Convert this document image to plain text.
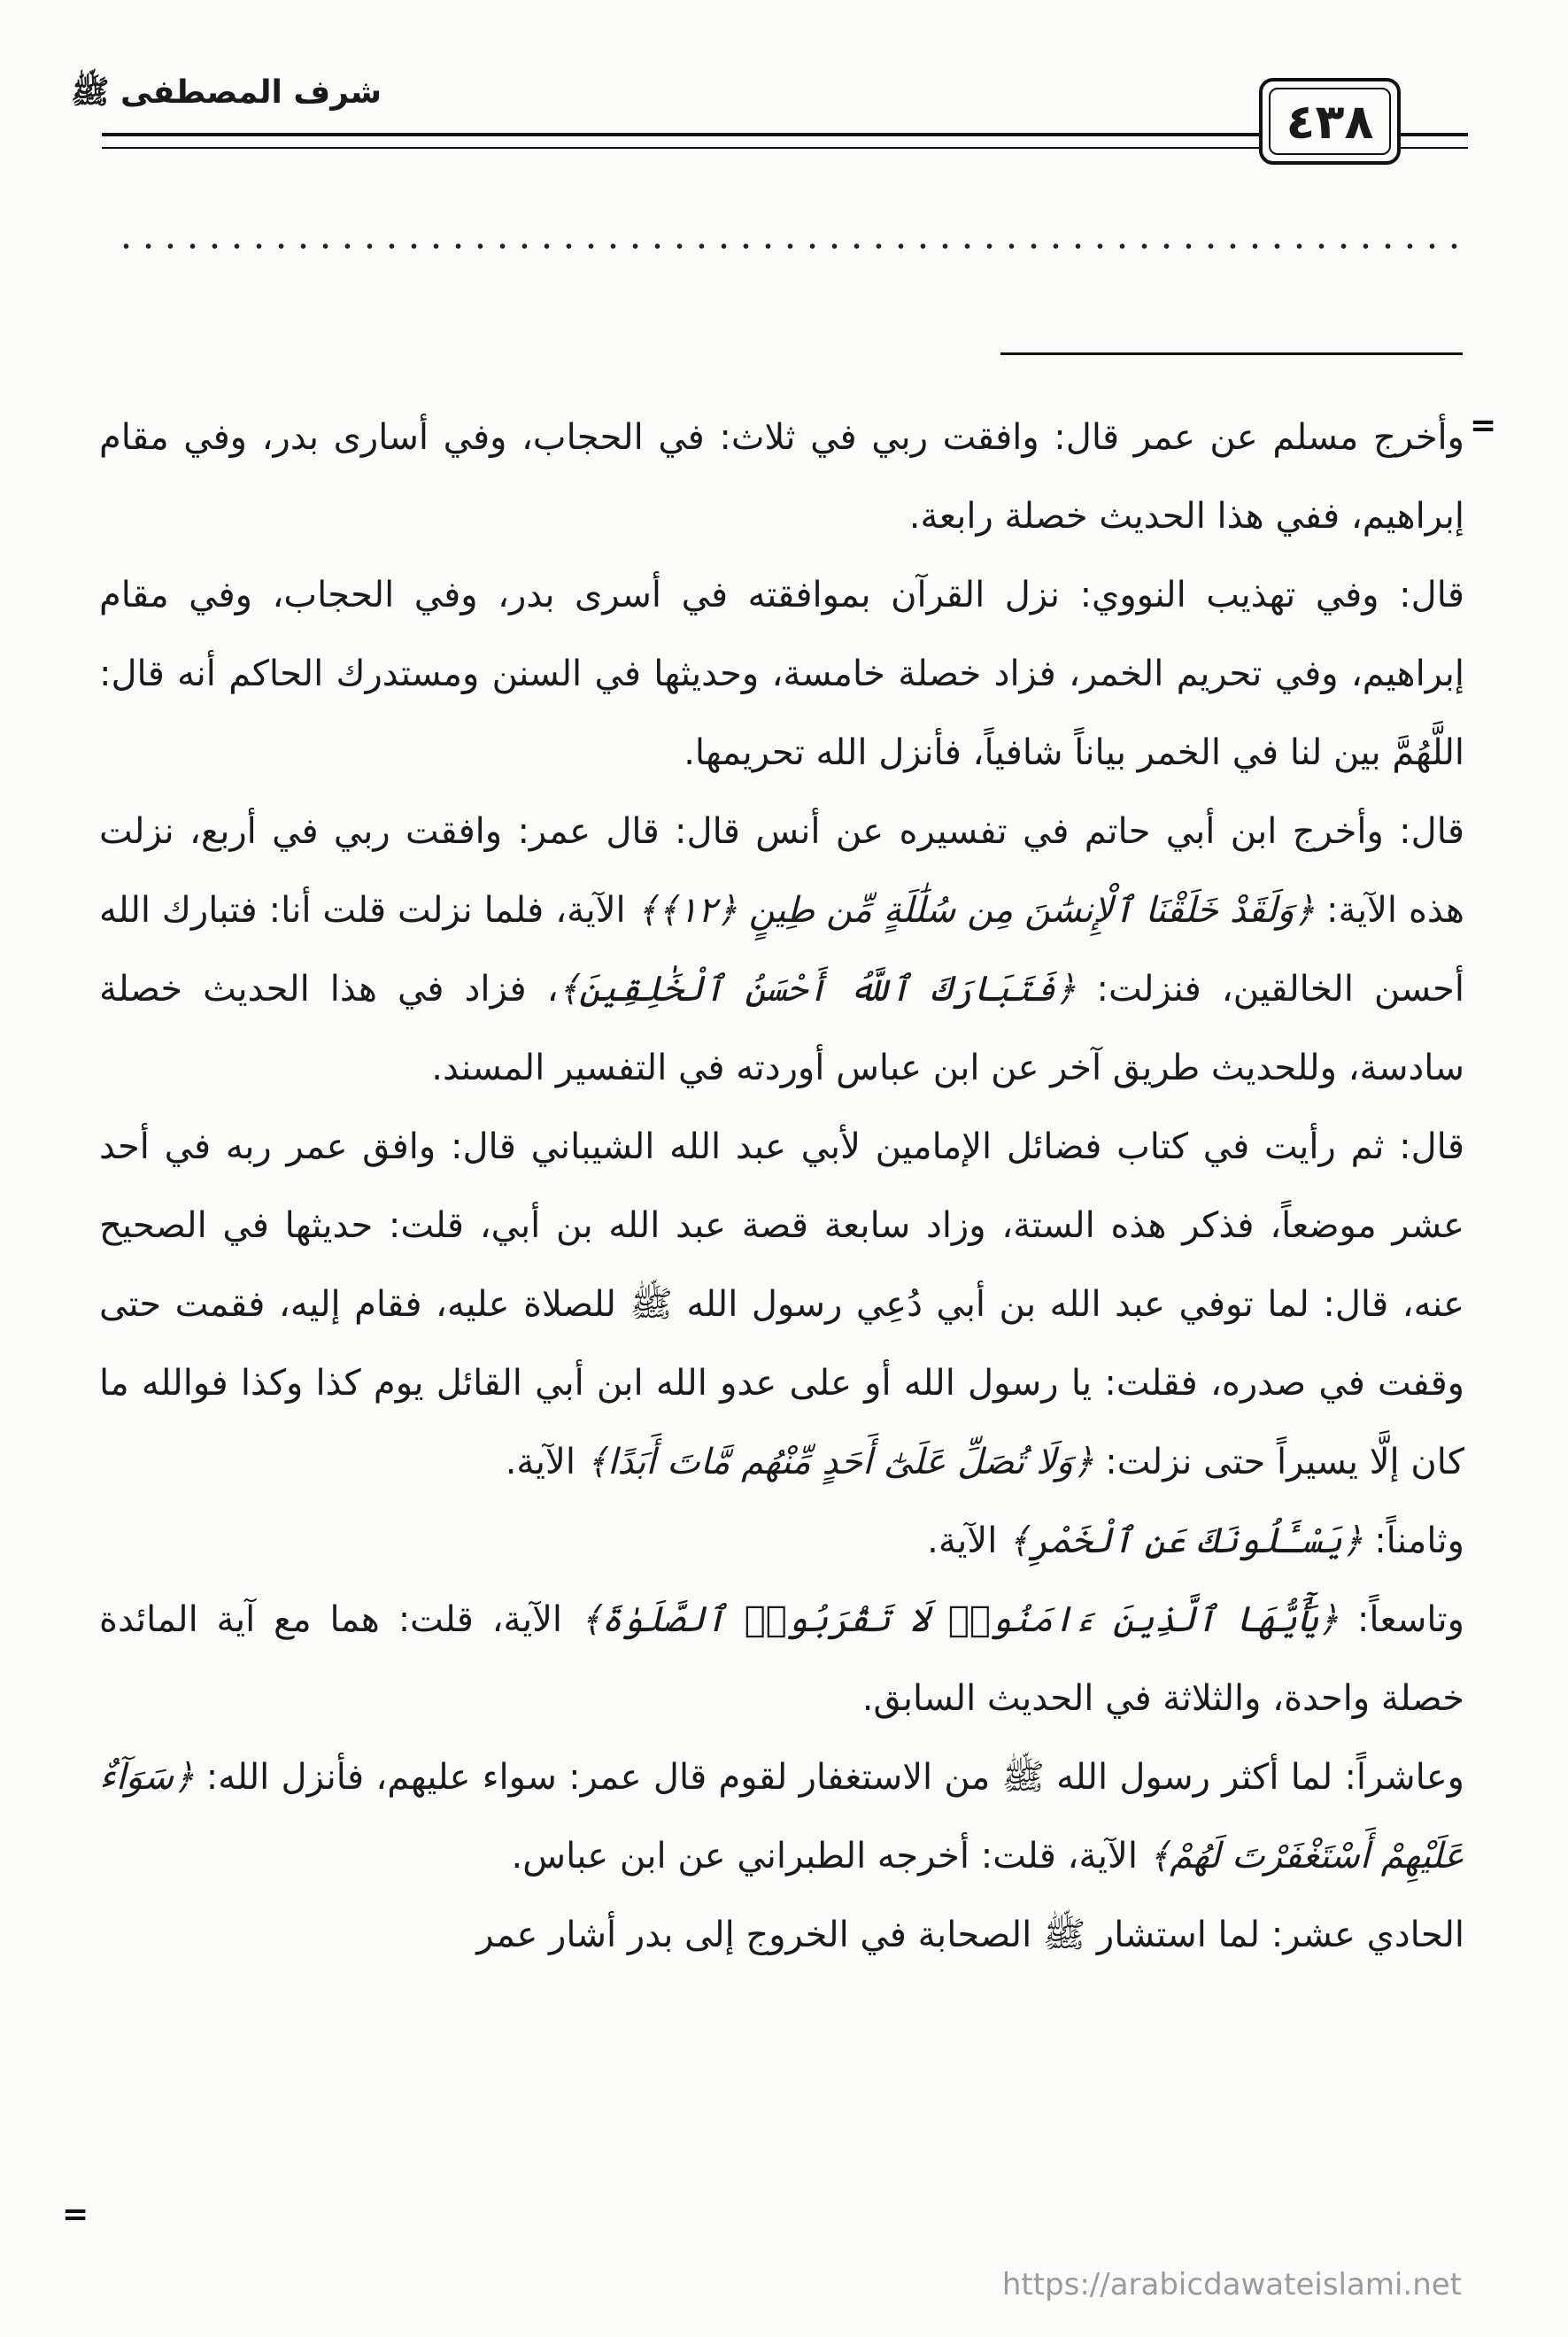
شرف المصطفى ﷺ
٤٣٨
=
=

وأخرج مسلم عن عمر قال: وافقت ربي في ثلاث: في الحجاب، وفي أسارى بدر، وفي مقام إبراهيم، ففي هذا الحديث خصلة رابعة.

قال: وفي تهذيب النووي: نزل القرآن بموافقته في أسرى بدر، وفي الحجاب، وفي مقام إبراهيم، وفي تحريم الخمر، فزاد خصلة خامسة، وحديثها في السنن ومستدرك الحاكم أنه قال: اللَّهُمَّ بين لنا في الخمر بياناً شافياً، فأنزل الله تحريمها.

قال: وأخرج ابن أبي حاتم في تفسيره عن أنس قال: قال عمر: وافقت ربي في أربع، نزلت هذه الآية: ﴿وَلَقَدْ خَلَقْنَا ٱلْإِنسَٰنَ مِن سُلَٰلَةٍ مِّن طِينٍ ﴿١٢﴾﴾ الآية، فلما نزلت قلت أنا: فتبارك الله أحسن الخالقين، فنزلت: ﴿فَتَبَارَكَ ٱللَّهُ أَحْسَنُ ٱلْخَٰلِقِينَ﴾، فزاد في هذا الحديث خصلة سادسة، وللحديث طريق آخر عن ابن عباس أوردته في التفسير المسند.

قال: ثم رأيت في كتاب فضائل الإمامين لأبي عبد الله الشيباني قال: وافق عمر ربه في أحد عشر موضعاً، فذكر هذه الستة، وزاد سابعة قصة عبد الله بن أبي، قلت: حديثها في الصحيح عنه، قال: لما توفي عبد الله بن أبي دُعِي رسول الله ﷺ للصلاة عليه، فقام إليه، فقمت حتى وقفت في صدره، فقلت: يا رسول الله أو على عدو الله ابن أبي القائل يوم كذا وكذا فوالله ما كان إلَّا يسيراً حتى نزلت: ﴿وَلَا تُصَلِّ عَلَىٰٓ أَحَدٍ مِّنْهُم مَّاتَ أَبَدًا﴾ الآية.

وثامناً: ﴿يَسْـَٔلُونَكَ عَنِ ٱلْخَمْرِ﴾ الآية.

وتاسعاً: ﴿يَٰٓأَيُّهَا ٱلَّذِينَ ءَامَنُوا۟ لَا تَقْرَبُوا۟ ٱلصَّلَوٰةَ﴾ الآية، قلت: هما مع آية المائدة خصلة واحدة، والثلاثة في الحديث السابق.

وعاشراً: لما أكثر رسول الله ﷺ من الاستغفار لقوم قال عمر: سواء عليهم، فأنزل الله: ﴿سَوَآءٌ عَلَيْهِمْ أَسْتَغْفَرْتَ لَهُمْ﴾ الآية، قلت: أخرجه الطبراني عن ابن عباس.

الحادي عشر: لما استشار ﷺ الصحابة في الخروج إلى بدر أشار عمر

https://arabicdawateislami.net
